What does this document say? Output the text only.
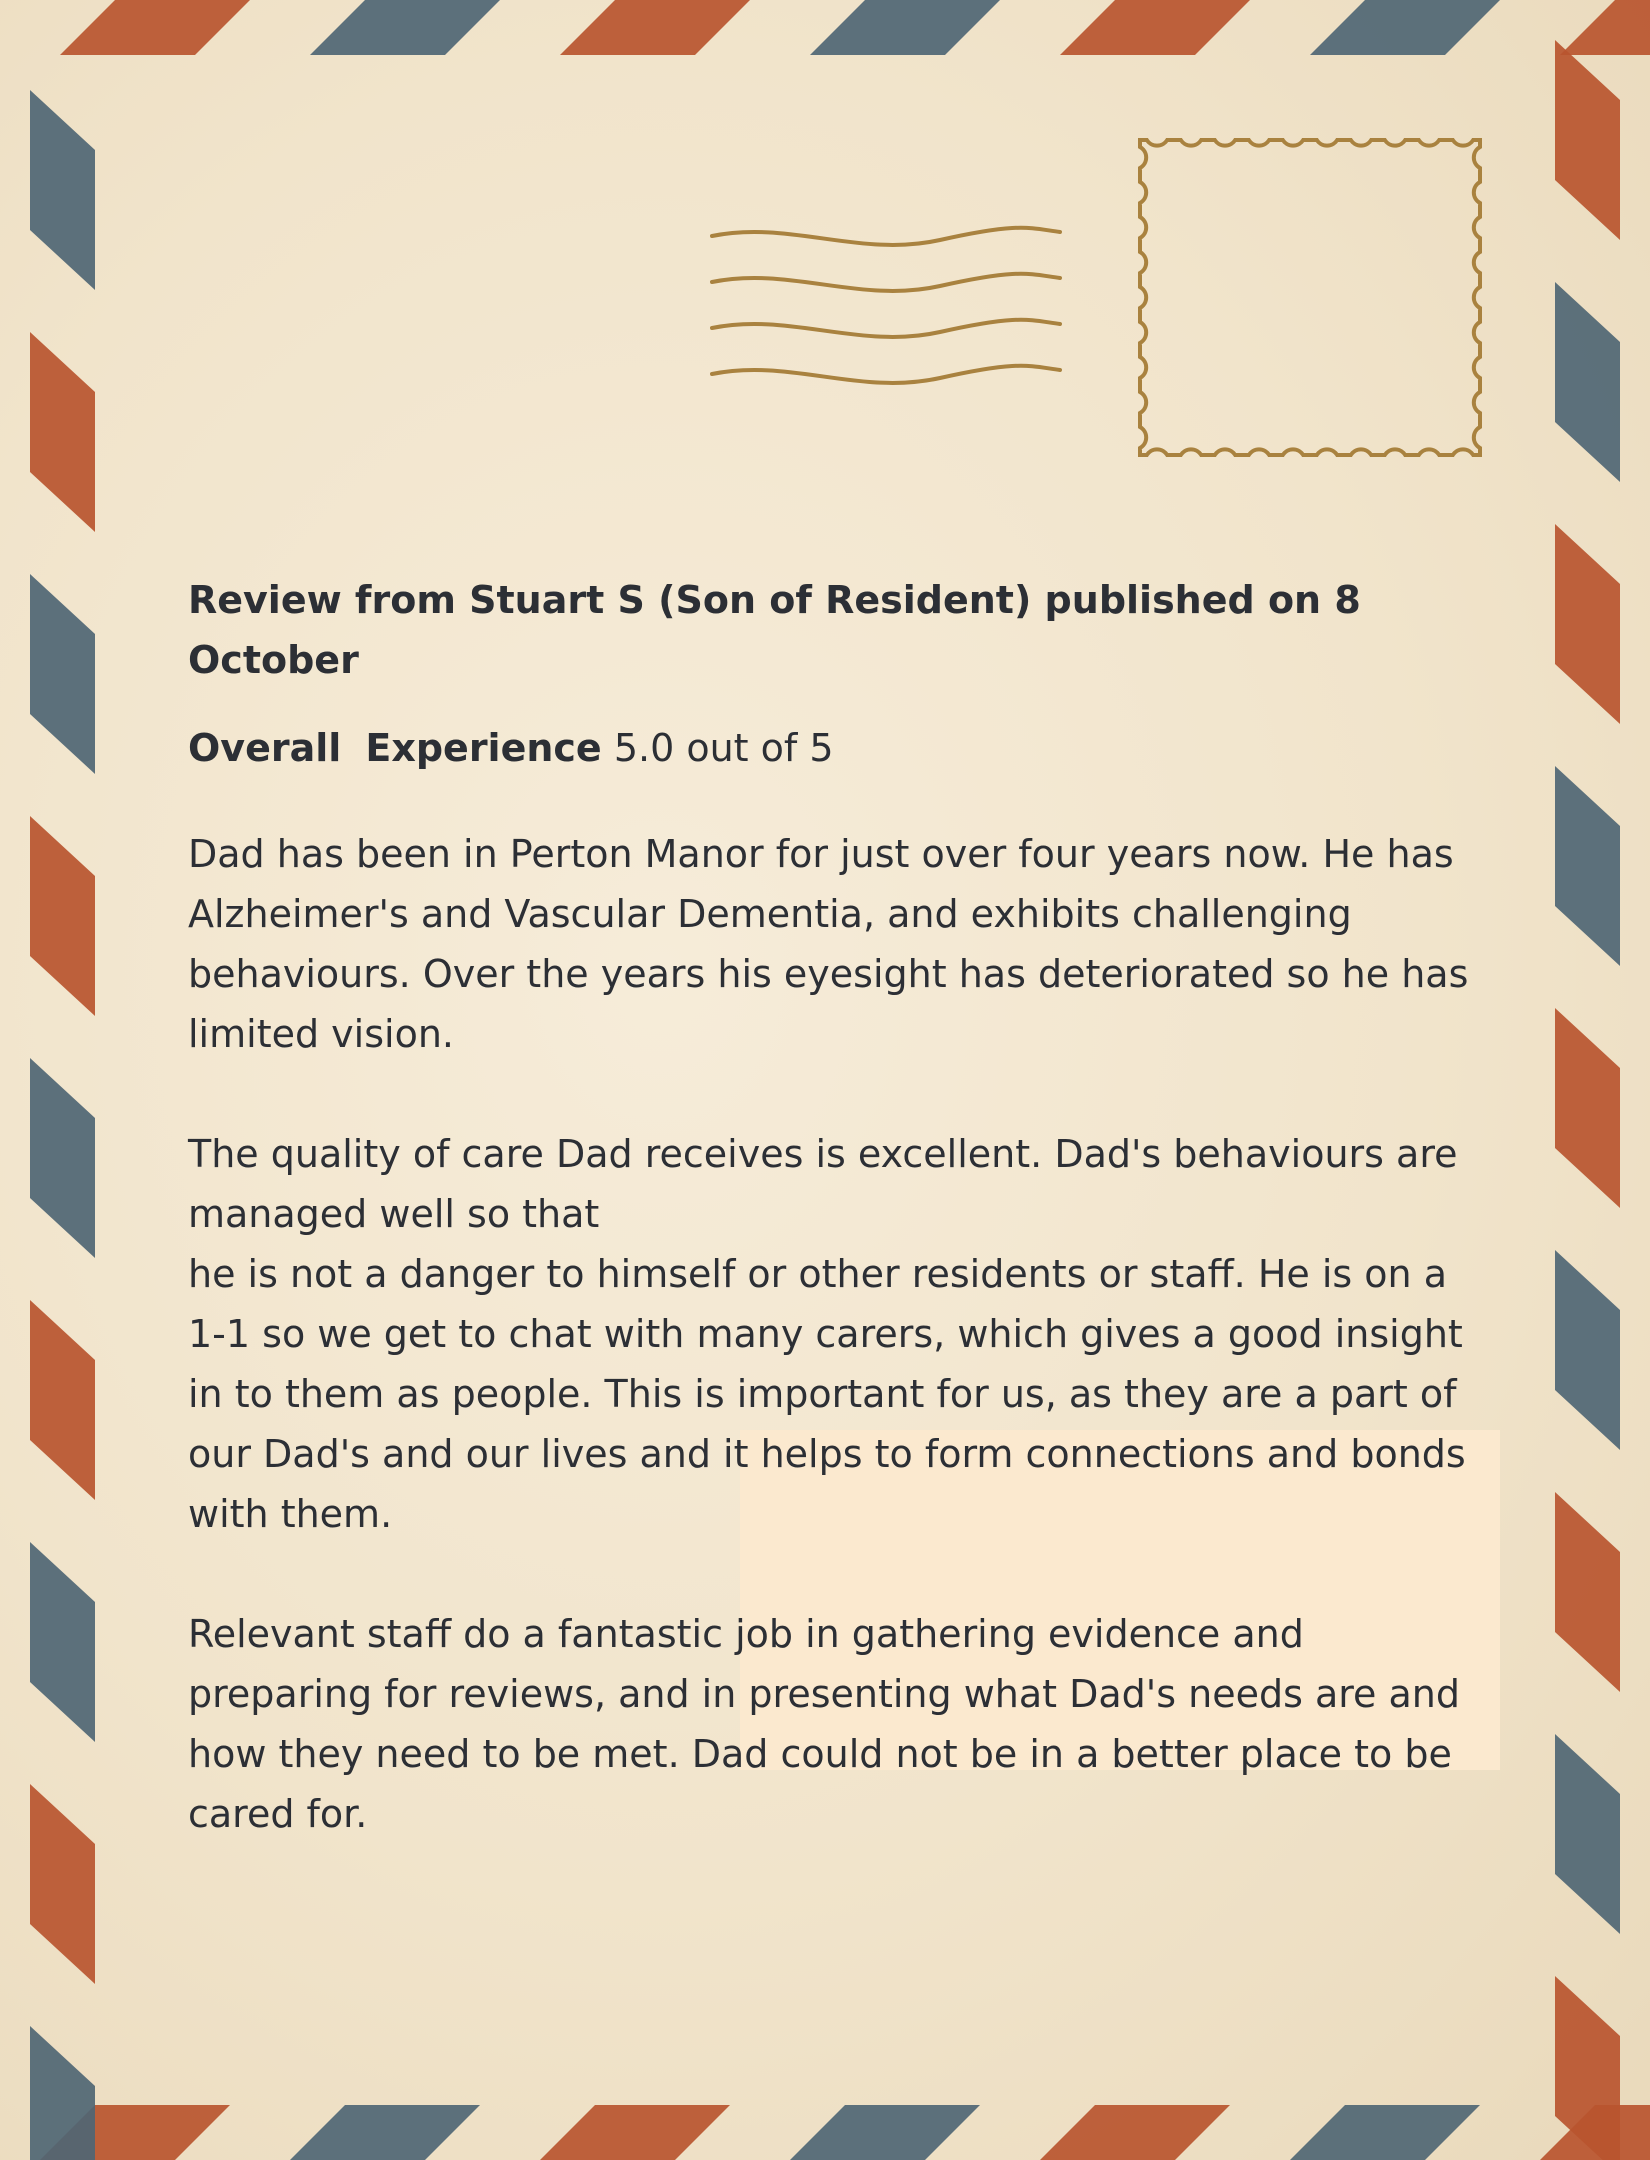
Review from Stuart S (Son of Resident) published on 8 October
Overall Experience 5.0 out of 5

Dad has been in Perton Manor for just over four years now. He has Alzheimer's and Vascular Dementia, and exhibits challenging behaviours. Over the years his eyesight has deteriorated so he has limited vision.

The quality of care Dad receives is excellent. Dad's behaviours are managed well so that

he is not a danger to himself or other residents or staff. He is on a 1-1 so we get to chat with many carers, which gives a good insight in to them as people. This is important for us, as they are a part of our Dad's and our lives and it helps to form connections and bonds with them.

Relevant staff do a fantastic job in gathering evidence and preparing for reviews, and in presenting what Dad's needs are and how they need to be met. Dad could not be in a better place to be cared for.
